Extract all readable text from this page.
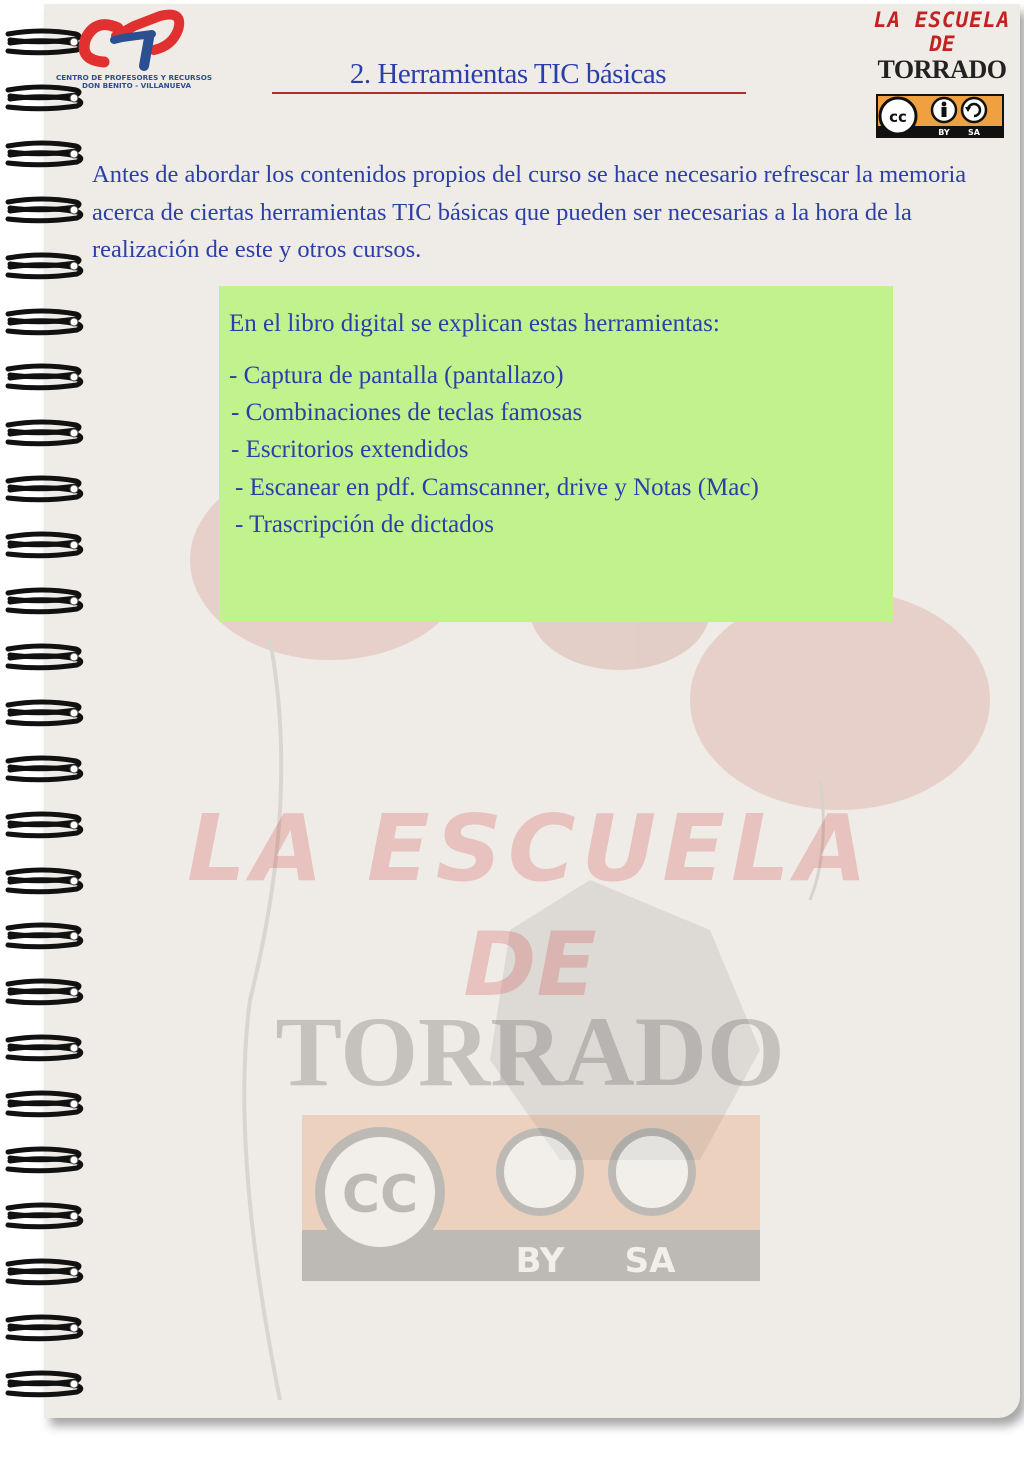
LA ESCUELA
DE
TORRADO
CC
BY SA
CENTRO DE PROFESORES Y RECURSOS
DON BENITO - VILLANUEVA	2. Herramientas TIC básicas
LA ESCUELA
DE
TORRADO
cc
BY SA
Antes de abordar los contenidos propios del curso se hace necesario refrescar la memoria acerca de ciertas herramientas TIC básicas que pueden ser necesarias a la hora de la realización de este y otros cursos.
En el libro digital se explican estas herramientas:
- Captura de pantalla (pantallazo)
- Combinaciones de teclas famosas
- Escritorios extendidos
- Escanear en pdf. Camscanner, drive y Notas (Mac)
- Trascripción de dictados
